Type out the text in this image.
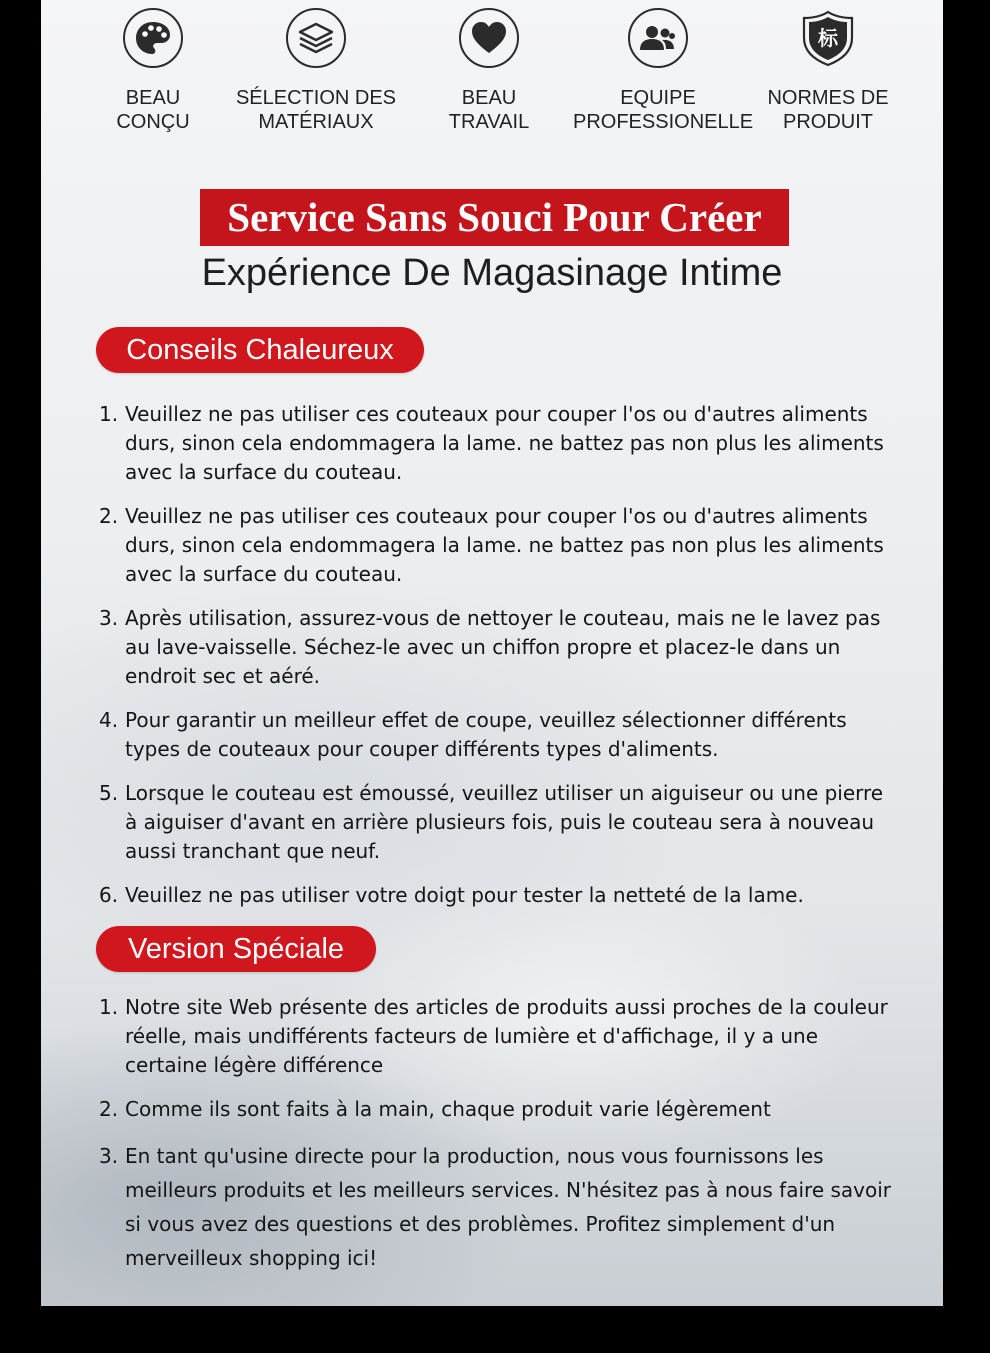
BEAU
CONÇU
SÉLECTION DES
MATÉRIAUX
BEAU
TRAVAIL
EQUIPE
PROFESSIONELLE
标
NORMES DE
PRODUIT
Service Sans Souci Pour Créer
Expérience De Magasinage Intime
Conseils Chaleureux
1. Veuillez ne pas utiliser ces couteaux pour couper l'os ou d'autres aliments durs, sinon cela endommagera la lame. ne battez pas non plus les aliments avec la surface du couteau.
2. Veuillez ne pas utiliser ces couteaux pour couper l'os ou d'autres aliments durs, sinon cela endommagera la lame. ne battez pas non plus les aliments avec la surface du couteau.
3. Après utilisation, assurez-vous de nettoyer le couteau, mais ne le lavez pas au lave-vaisselle. Séchez-le avec un chiffon propre et placez-le dans un endroit sec et aéré.
4. Pour garantir un meilleur effet de coupe, veuillez sélectionner différents types de couteaux pour couper différents types d'aliments.
5. Lorsque le couteau est émoussé, veuillez utiliser un aiguiseur ou une pierre à aiguiser d'avant en arrière plusieurs fois, puis le couteau sera à nouveau aussi tranchant que neuf.
6. Veuillez ne pas utiliser votre doigt pour tester la netteté de la lame.
Version Spéciale
1. Notre site Web présente des articles de produits aussi proches de la couleur réelle, mais undifférents facteurs de lumière et d'affichage, il y a une certaine légère différence
2. Comme ils sont faits à la main, chaque produit varie légèrement
3. En tant qu'usine directe pour la production, nous vous fournissons les meilleurs produits et les meilleurs services. N'hésitez pas à nous faire savoir si vous avez des questions et des problèmes. Profitez simplement d'un merveilleux shopping ici!
